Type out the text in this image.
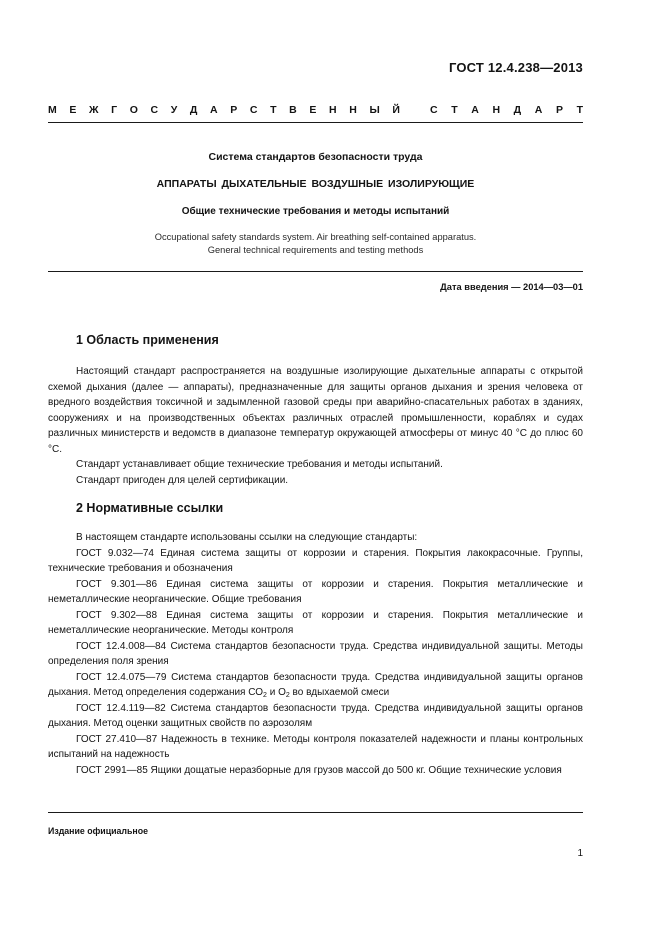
ГОСТ 12.4.238—2013
М Е Ж Г О С У Д А Р С Т В Е Н Н Ы Й	С Т А Н Д А Р Т
Система стандартов безопасности труда
АППАРАТЫ ДЫХАТЕЛЬНЫЕ ВОЗДУШНЫЕ ИЗОЛИРУЮЩИЕ
Общие технические требования и методы испытаний
Occupational safety standards system. Air breathing self-contained apparatus.
General technical requirements and testing methods
Дата введения — 2014—03—01
1 Область применения

Настоящий стандарт распространяется на воздушные изолирующие дыхательные аппараты с открытой схемой дыхания (далее — аппараты), предназначенные для защиты органов дыхания и зрения человека от вредного воздействия токсичной и задымленной газовой среды при аварийно-спасательных работах в зданиях, сооружениях и на производственных объектах различных отраслей промышленности, кораблях и судах различных министерств и ведомств в диапазоне температур окружающей атмосферы от минус 40 °С до плюс 60 °С.

Стандарт устанавливает общие технические требования и методы испытаний.

Стандарт пригоден для целей сертификации.

2 Нормативные ссылки

В настоящем стандарте использованы ссылки на следующие стандарты:

ГОСТ 9.032—74 Единая система защиты от коррозии и старения. Покрытия лакокрасочные. Группы, технические требования и обозначения

ГОСТ 9.301—86 Единая система защиты от коррозии и старения. Покрытия металлические и неметаллические неорганические. Общие требования

ГОСТ 9.302—88 Единая система защиты от коррозии и старения. Покрытия металлические и неметаллические неорганические. Методы контроля

ГОСТ 12.4.008—84 Система стандартов безопасности труда. Средства индивидуальной защиты. Методы определения поля зрения

ГОСТ 12.4.075—79 Система стандартов безопасности труда. Средства индивидуальной защиты органов дыхания. Метод определения содержания $СО_2$ и $O_2$ во вдыхаемой смеси

ГОСТ 12.4.119—82 Система стандартов безопасности труда. Средства индивидуальной защиты органов дыхания. Метод оценки защитных свойств по аэрозолям

ГОСТ 27.410—87 Надежность в технике. Методы контроля показателей надежности и планы контрольных испытаний на надежность

ГОСТ 2991—85 Ящики дощатые неразборные для грузов массой до 500 кг. Общие технические условия

Издание официальное
1
